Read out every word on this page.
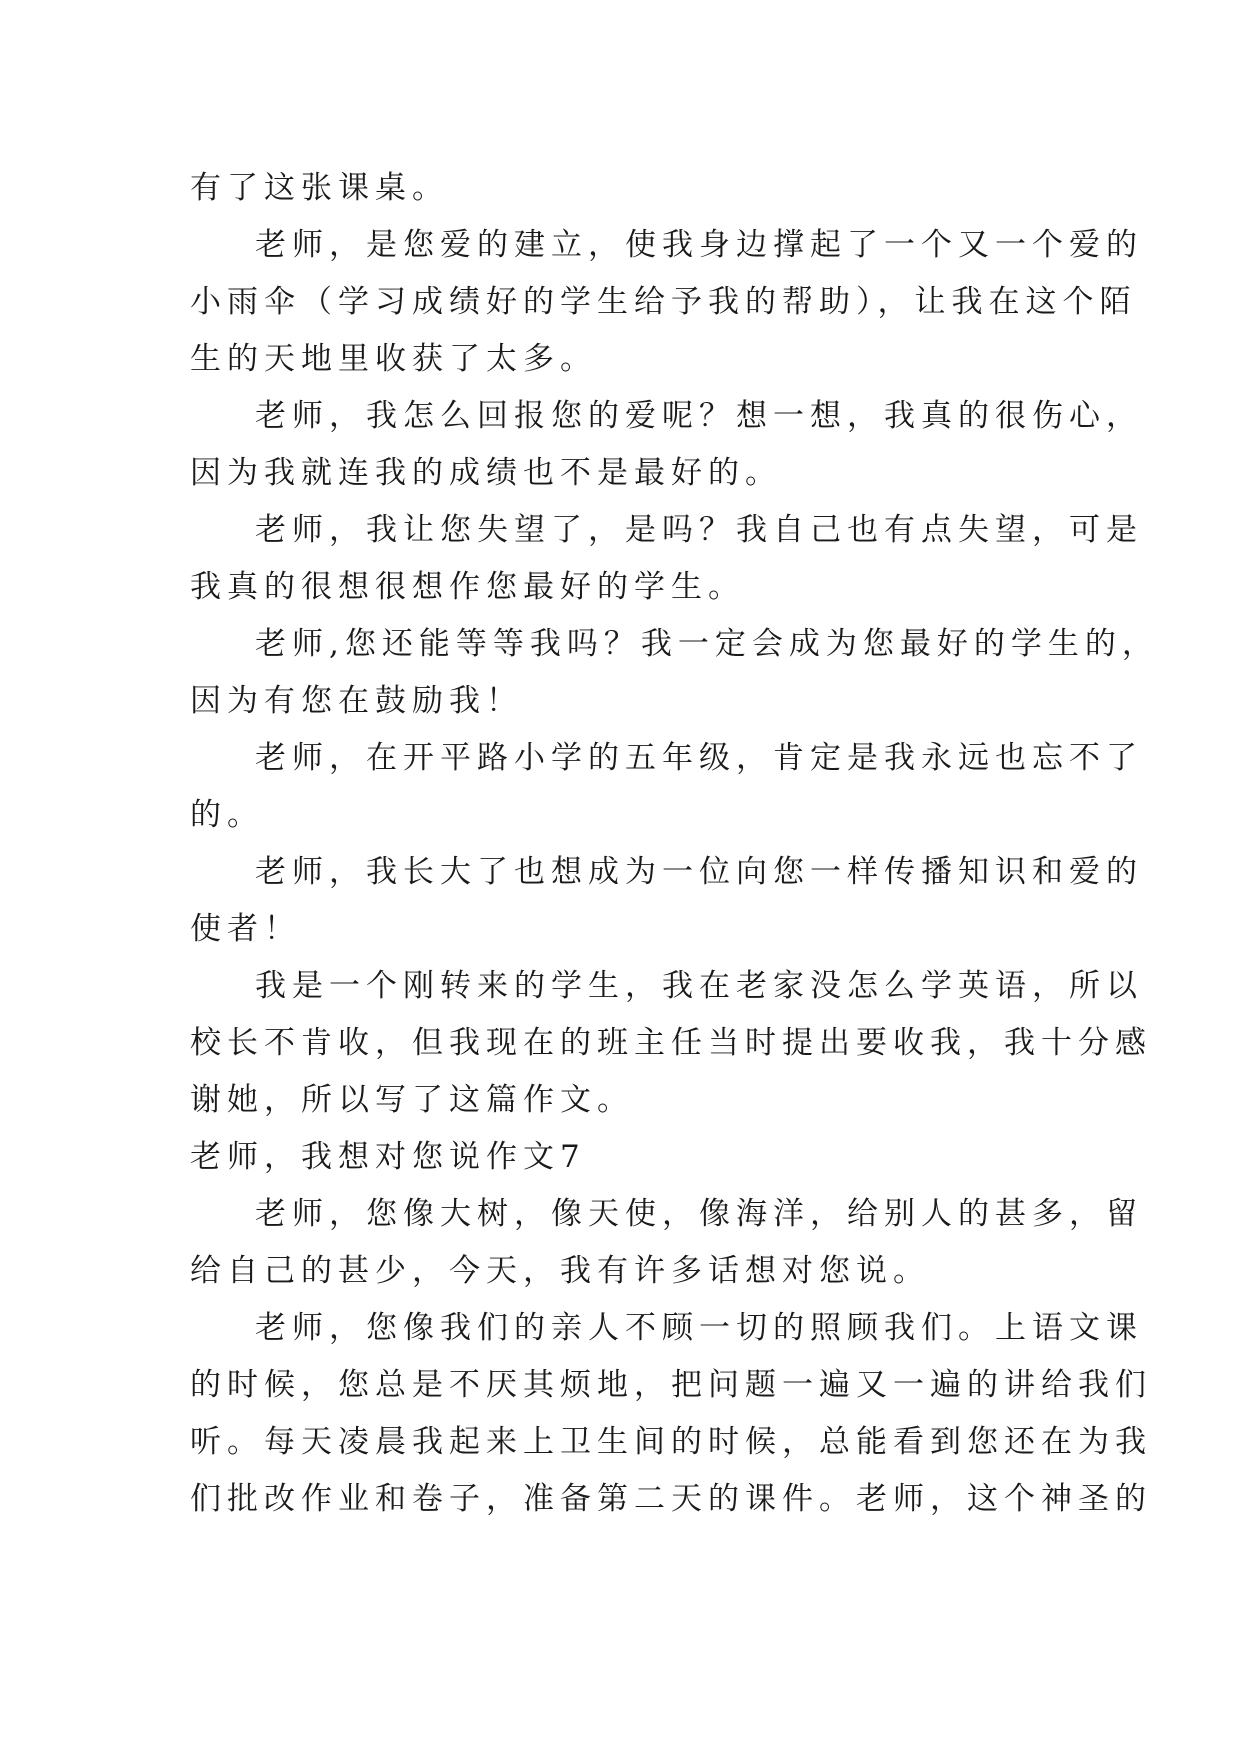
有了这张课桌。
老师，是您爱的建立，使我身边撑起了一个又一个爱的
小雨伞（学习成绩好的学生给予我的帮助），让我在这个陌
生的天地里收获了太多。
老师，我怎么回报您的爱呢？想一想，我真的很伤心，
因为我就连我的成绩也不是最好的。
老师，我让您失望了，是吗？我自己也有点失望，可是
我真的很想很想作您最好的学生。
老师,您还能等等我吗？我一定会成为您最好的学生的，
因为有您在鼓励我！
老师，在开平路小学的五年级，肯定是我永远也忘不了
的。
老师，我长大了也想成为一位向您一样传播知识和爱的
使者！
我是一个刚转来的学生，我在老家没怎么学英语，所以
校长不肯收，但我现在的班主任当时提出要收我，我十分感
谢她，所以写了这篇作文。
老师，我想对您说作文7
老师，您像大树，像天使，像海洋，给别人的甚多，留
给自己的甚少，今天，我有许多话想对您说。
老师，您像我们的亲人不顾一切的照顾我们。上语文课
的时候，您总是不厌其烦地，把问题一遍又一遍的讲给我们
听。每天凌晨我起来上卫生间的时候，总能看到您还在为我
们批改作业和卷子，准备第二天的课件。老师，这个神圣的
